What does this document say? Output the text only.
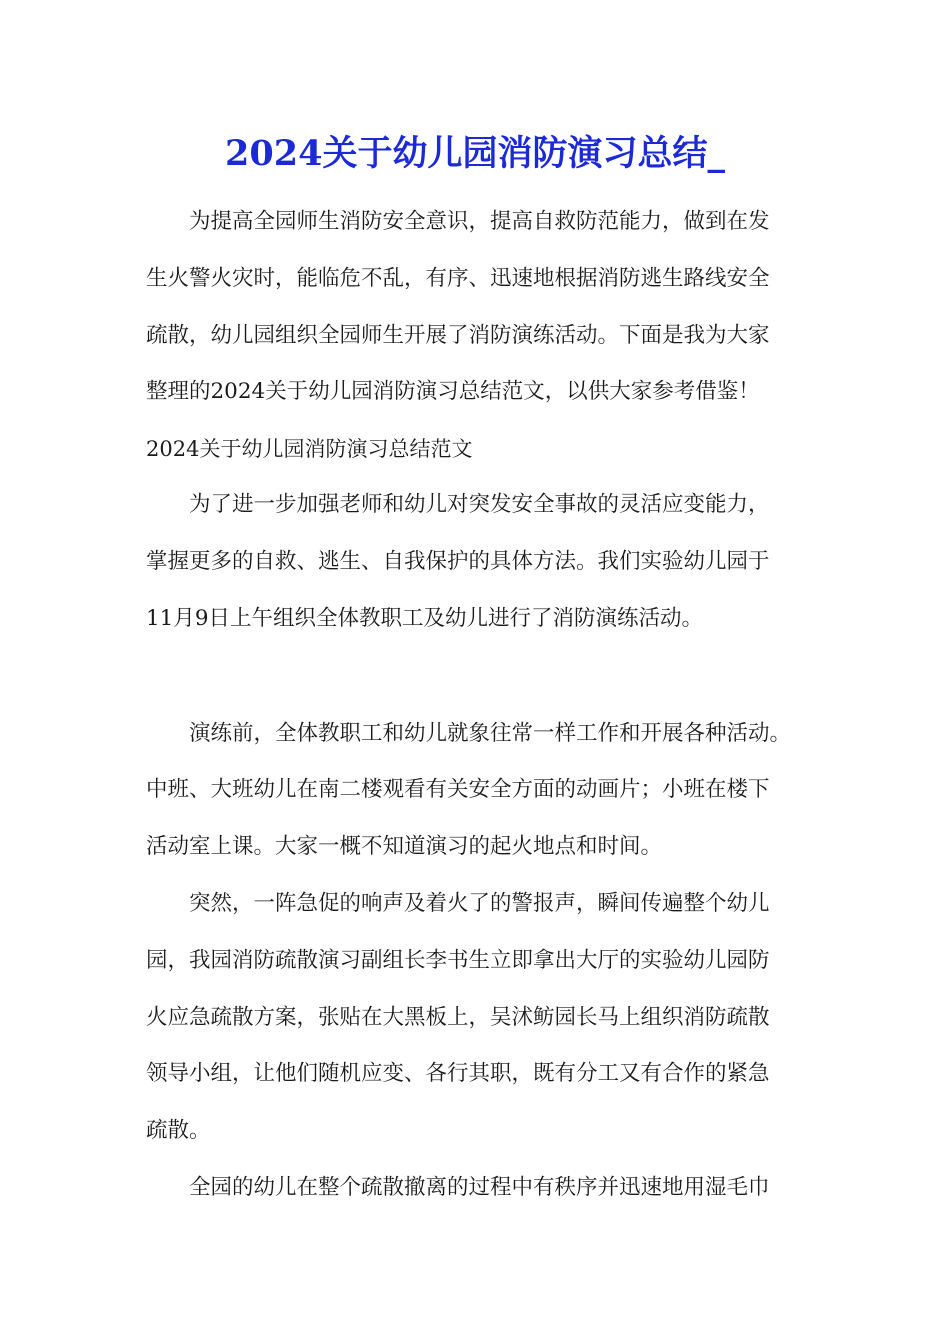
2024关于幼儿园消防演习总结_

为提高全园师生消防安全意识，提高自救防范能力，做到在发
生火警火灾时，能临危不乱，有序、迅速地根据消防逃生路线安全
疏散，幼儿园组织全园师生开展了消防演练活动。下面是我为大家
整理的2024关于幼儿园消防演习总结范文，以供大家参考借鉴！

2024关于幼儿园消防演习总结范文

为了进一步加强老师和幼儿对突发安全事故的灵活应变能力，
掌握更多的自救、逃生、自我保护的具体方法。我们实验幼儿园于
11月9日上午组织全体教职工及幼儿进行了消防演练活动。

演练前，全体教职工和幼儿就象往常一样工作和开展各种活动。
中班、大班幼儿在南二楼观看有关安全方面的动画片；小班在楼下
活动室上课。大家一概不知道演习的起火地点和时间。

突然，一阵急促的响声及着火了的警报声，瞬间传遍整个幼儿
园，我园消防疏散演习副组长李书生立即拿出大厅的实验幼儿园防
火应急疏散方案，张贴在大黑板上，吴沭鲂园长马上组织消防疏散
领导小组，让他们随机应变、各行其职，既有分工又有合作的紧急
疏散。

全园的幼儿在整个疏散撤离的过程中有秩序并迅速地用湿毛巾
